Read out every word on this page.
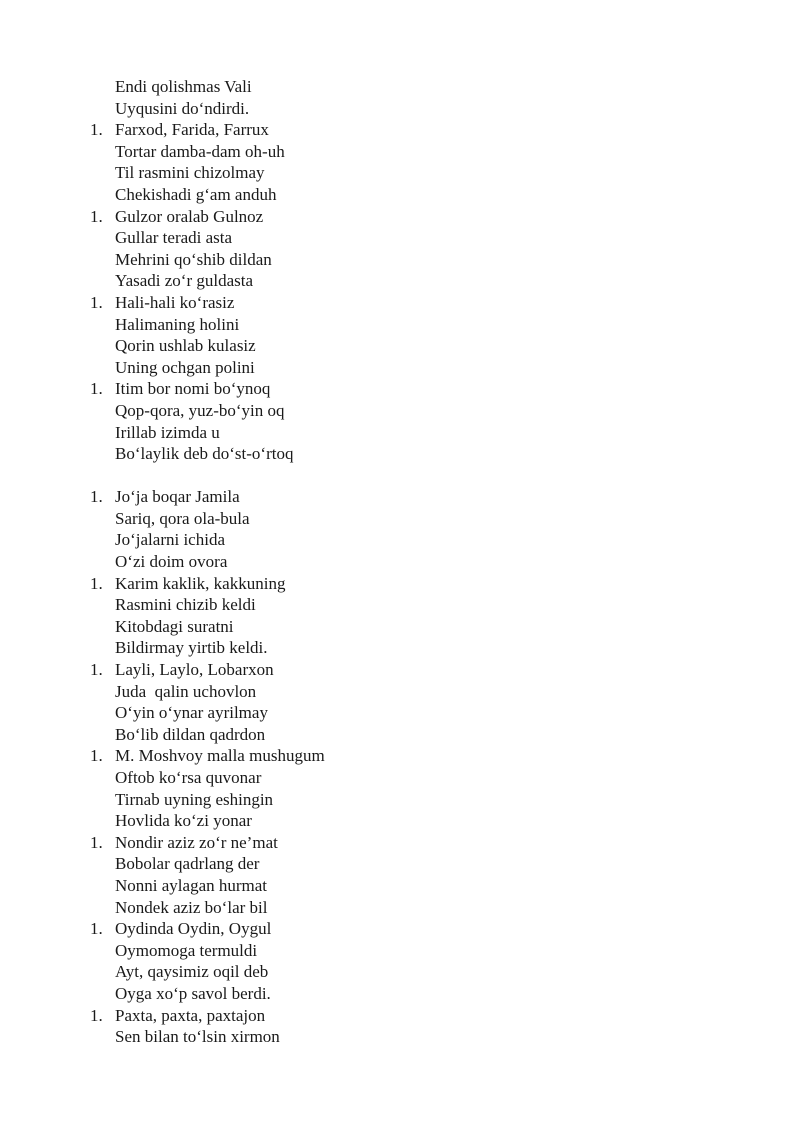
Endi qolishmas Vali
Uyqusini do‘ndirdi.
1. Farxod, Farida, Farrux
Tortar damba-dam oh-uh
Til rasmini chizolmay
Chekishadi g‘am anduh
1. Gulzor oralab Gulnoz
Gullar teradi asta
Mehrini qo‘shib dildan
Yasadi zo‘r guldasta
1. Hali-hali ko‘rasiz
Halimaning holini
Qorin ushlab kulasiz
Uning ochgan polini
1. Itim bor nomi bo‘ynoq
Qop-qora, yuz-bo‘yin oq
Irillab izimda u
Bo‘laylik deb do‘st-o‘rtoq
1. Jo‘ja boqar Jamila
Sariq, qora ola-bula
Jo‘jalarni ichida
O‘zi doim ovora
1. Karim kaklik, kakkuning
Rasmini chizib keldi
Kitobdagi suratni
Bildirmay yirtib keldi.
1. Layli, Laylo, Lobarxon
Juda  qalin uchovlon
O‘yin o‘ynar ayrilmay
Bo‘lib dildan qadrdon
1. M. Moshvoy malla mushugum
Oftob ko‘rsa quvonar
Tirnab uyning eshingin
Hovlida ko‘zi yonar
1. Nondir aziz zo‘r ne’mat
Bobolar qadrlang der
Nonni aylagan hurmat
Nondek aziz bo‘lar bil
1. Oydinda Oydin, Oygul
Oymomoga termuldi
Ayt, qaysimiz oqil deb
Oyga xo‘p savol berdi.
1. Paxta, paxta, paxtajon
Sen bilan to‘lsin xirmon
